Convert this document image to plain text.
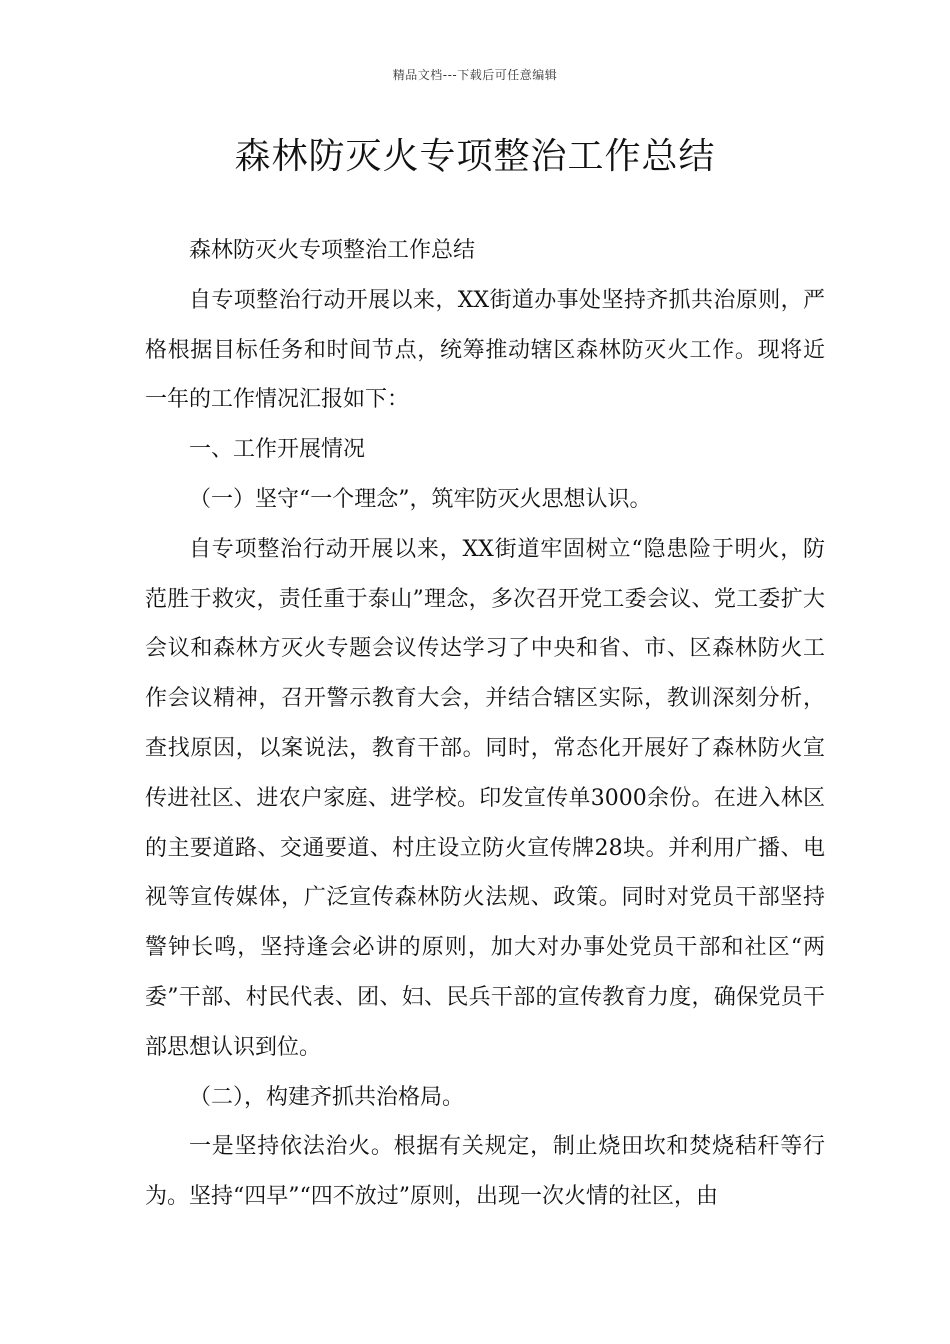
精品文档---下载后可任意编辑
森林防灭火专项整治工作总结

森林防灭火专项整治工作总结

自专项整治行动开展以来，XX街道办事处坚持齐抓共治原则，严格根据目标任务和时间节点，统筹推动辖区森林防灭火工作。现将近一年的工作情况汇报如下：

一、工作开展情况

（一）坚守“一个理念”，筑牢防灭火思想认识。

自专项整治行动开展以来，XX街道牢固树立“隐患险于明火，防范胜于救灾，责任重于泰山”理念，多次召开党工委会议、党工委扩大会议和森林方灭火专题会议传达学习了中央和省、市、区森林防火工作会议精神，召开警示教育大会，并结合辖区实际，教训深刻分析，查找原因，以案说法，教育干部。同时，常态化开展好了森林防火宣传进社区、进农户家庭、进学校。印发宣传单3000余份。在进入林区的主要道路、交通要道、村庄设立防火宣传牌28块。并利用广播、电视等宣传媒体，广泛宣传森林防火法规、政策。同时对党员干部坚持警钟长鸣，坚持逢会必讲的原则，加大对办事处党员干部和社区“两委”干部、村民代表、团、妇、民兵干部的宣传教育力度，确保党员干部思想认识到位。

（二），构建齐抓共治格局。

一是坚持依法治火。根据有关规定，制止烧田坎和焚烧秸秆等行为。坚持“四早”“四不放过”原则，出现一次火情的社区，由
